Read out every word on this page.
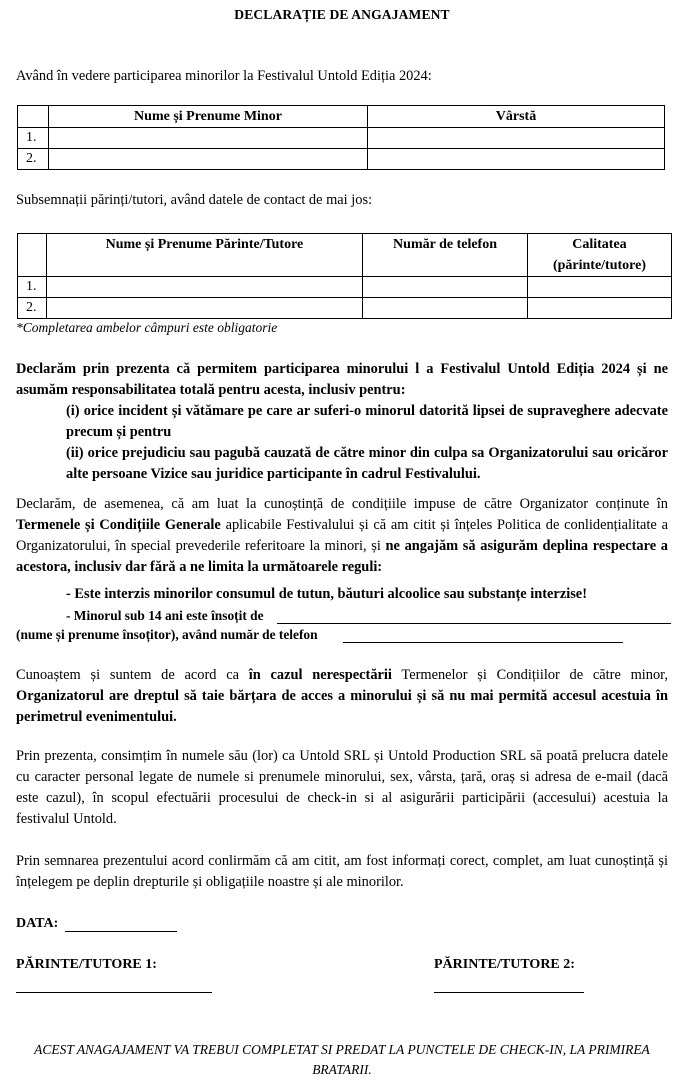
DECLARAȚIE DE ANGAJAMENT
Având în vedere participarea minorilor la Festivalul Untold Ediția 2024:
	Nume și Prenume Minor	Vârstă
1.		
2.		
Subsemnații părinți/tutori, având datele de contact de mai jos:
	Nume și Prenume Părinte/Tutore	Număr de telefon	Calitatea (părinte/tutore)
1.			
2.			
*Completarea ambelor câmpuri este obligatorie
Declarăm prin prezenta că permitem participarea minorului l a Festivalul Untold Ediția 2024 și ne asumăm responsabilitatea totală pentru acesta, inclusiv pentru:
(i) orice incident și vătămare pe care ar suferi-o minorul datorită lipsei de supraveghere adecvate precum și pentru
(ii) orice prejudiciu sau pagubă cauzată de către minor din culpa sa Organizatorului sau oricăror alte persoane Vizice sau juridice participante în cadrul Festivalului.
Declarăm, de asemenea, că am luat la cunoștință de condițiile impuse de către Organizator conținute în Termenele și Condițiile Generale aplicabile Festivalului și că am citit și înțeles Politica de conlidențialitate a Organizatorului, în special prevederile referitoare la minori, și ne angajăm să asigurăm deplina respectare a acestora, inclusiv dar fără a ne limita la următoarele reguli:
- Este interzis minorilor consumul de tutun, băuturi alcoolice sau substanțe interzise!
- Minorul sub 14 ani este însoțit de
(nume și prenume însoțitor), având număr de telefon
Cunoaștem și suntem de acord ca în cazul nerespectării Termenelor și Condițiilor de către minor, Organizatorul are dreptul să taie bărțara de acces a minorului și să nu mai permită accesul acestuia în perimetrul evenimentului.
Prin prezenta, consimțim în numele său (lor) ca Untold SRL și Untold Production SRL să poată prelucra datele cu caracter personal legate de numele si prenumele minorului, sex, vârsta, țară, oraș si adresa de e-mail (dacă este cazul), în scopul efectuării procesului de check-in si al asigurării participării (accesului) acestuia la festivalul Untold.
Prin semnarea prezentului acord conlirmăm că am citit, am fost informați corect, complet, am luat cunoștință și înțelegem pe deplin drepturile și obligațiile noastre și ale minorilor.
DATA:
PĂRINTE/TUTORE 1:	PĂRINTE/TUTORE 2:
ACEST ANAGAJAMENT VA TREBUI COMPLETAT SI PREDAT LA PUNCTELE DE CHECK-IN, LA PRIMIREA BRATARII.
